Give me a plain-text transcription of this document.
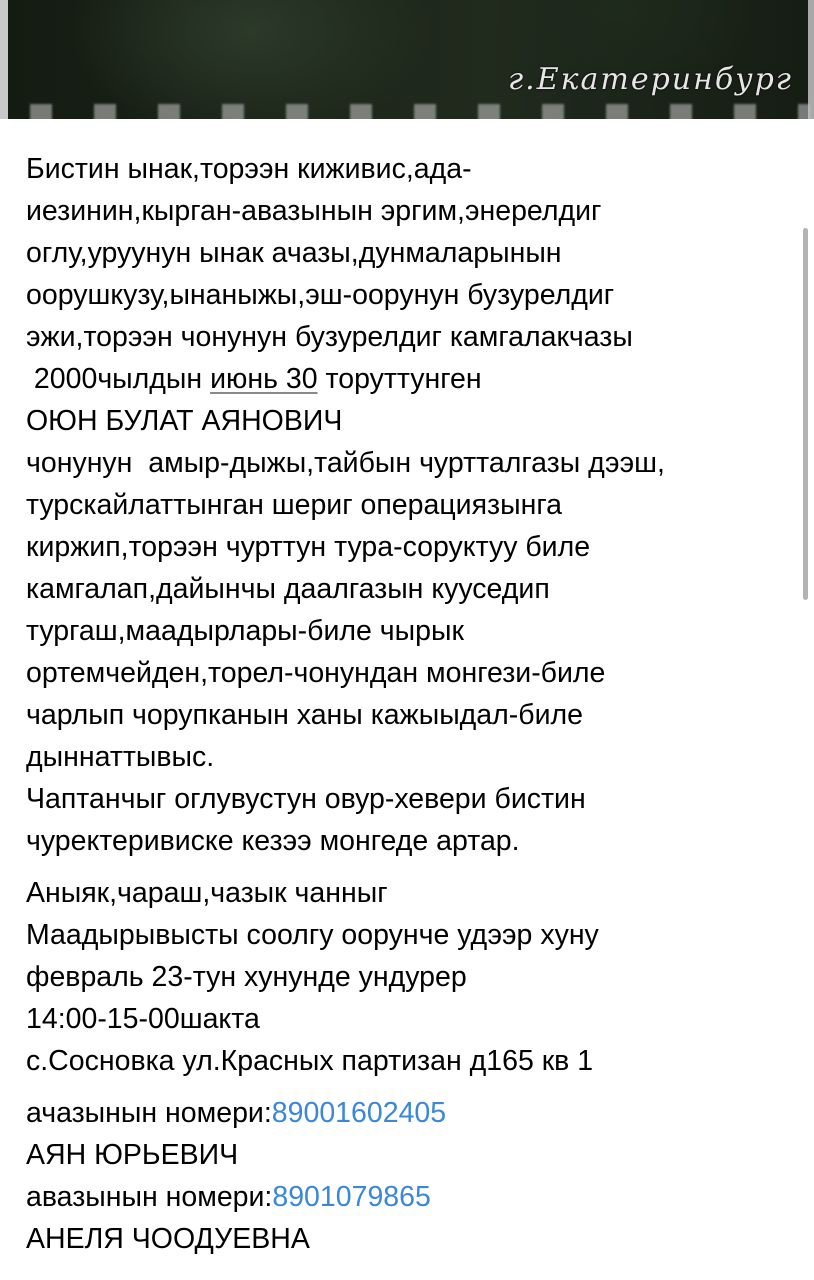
г.Екатеринбург

Бистин ынак,торээн киживис,ада-

иезинин,кырган-авазынын эргим,энерелдиг

оглу,уруунун ынак ачазы,дунмаларынын

оорушкузу,ынаныжы,эш-оорунун бузурелдиг

эжи,торээн чонунун бузурелдиг камгалакчазы

2000чылдын июнь 30 торуттунген

ОЮН БУЛАТ АЯНОВИЧ

чонунун  амыр-дыжы,тайбын чуртталгазы дээш,

турскайлаттынган шериг операциязынга

киржип,торээн чурттун тура-соруктуу биле

камгалап,дайынчы даалгазын кууседип

тургаш,маадырлары-биле чырык

ортемчейден,торел-чонундан монгези-биле

чарлып чорупканын ханы кажыыдал-биле

дыннаттывыс.

Чаптанчыг оглувустун овур-хевери бистин

чуректеривиске кезээ монгеде артар.

Аныяк,чараш,чазык чанныг

Маадырывысты соолгу оорунче удээр хуну

февраль 23-тун хунунде ундурер

14:00-15-00шакта

с.Сосновка ул.Красных партизан д165 кв 1

ачазынын номери:89001602405

АЯН ЮРЬЕВИЧ

авазынын номери:8901079865

АНЕЛЯ ЧООДУЕВНА
